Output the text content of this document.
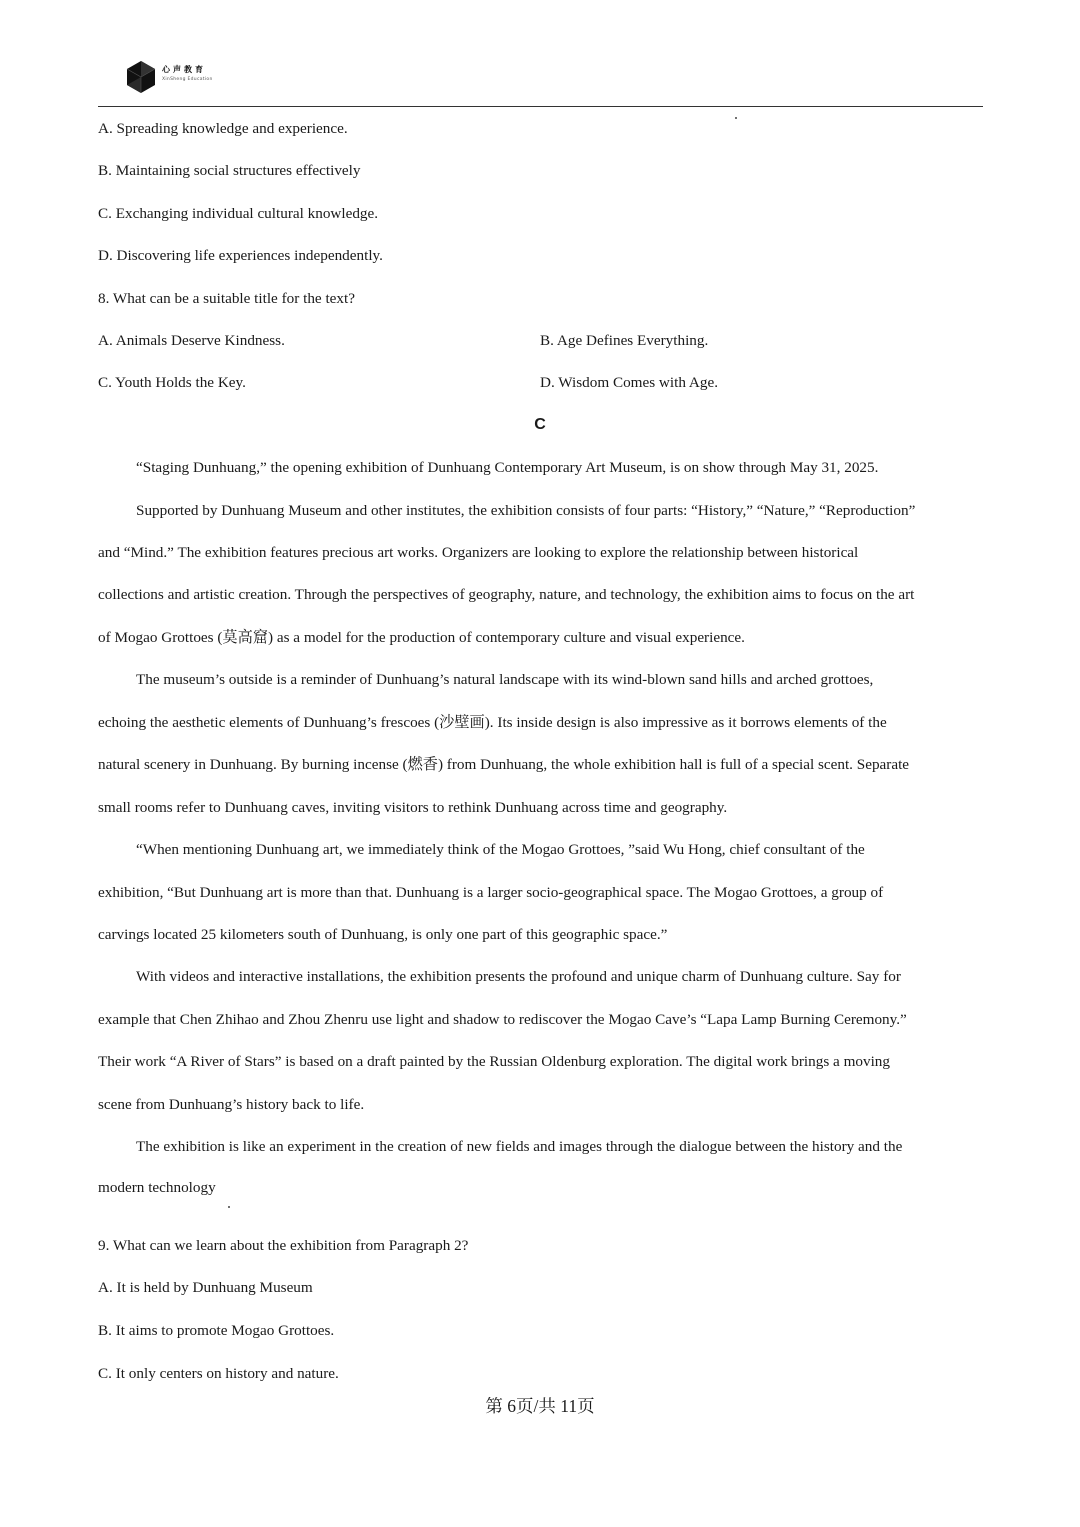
心声教育
XinSheng Education
A. Spreading knowledge and experience.
B. Maintaining social structures effectively
C. Exchanging individual cultural knowledge.
D. Discovering life experiences independently.
8. What can be a suitable title for the text?
A. Animals Deserve Kindness.	B. Age Defines Everything.
C. Youth Holds the Key.	D. Wisdom Comes with Age.
C
“Staging Dunhuang,” the opening exhibition of Dunhuang Contemporary Art Museum, is on show through May 31, 2025.
Supported by Dunhuang Museum and other institutes, the exhibition consists of four parts: “History,” “Nature,” “Reproduction”
and “Mind.” The exhibition features precious art works. Organizers are looking to explore the relationship between historical
collections and artistic creation. Through the perspectives of geography, nature, and technology, the exhibition aims to focus on the art
of Mogao Grottoes (莫高窟) as a model for the production of contemporary culture and visual experience.
The museum’s outside is a reminder of Dunhuang’s natural landscape with its wind-blown sand hills and arched grottoes,
echoing the aesthetic elements of Dunhuang’s frescoes (沙壁画). Its inside design is also impressive as it borrows elements of the
natural scenery in Dunhuang. By burning incense (燃香) from Dunhuang, the whole exhibition hall is full of a special scent. Separate
small rooms refer to Dunhuang caves, inviting visitors to rethink Dunhuang across time and geography.
“When mentioning Dunhuang art, we immediately think of the Mogao Grottoes, ”said Wu Hong, chief consultant of the
exhibition, “But Dunhuang art is more than that. Dunhuang is a larger socio-geographical space. The Mogao Grottoes, a group of
carvings located 25 kilometers south of Dunhuang, is only one part of this geographic space.”
With videos and interactive installations, the exhibition presents the profound and unique charm of Dunhuang culture. Say for
example that Chen Zhihao and Zhou Zhenru use light and shadow to rediscover the Mogao Cave’s “Lapa Lamp Burning Ceremony.”
Their work “A River of Stars” is based on a draft painted by the Russian Oldenburg exploration. The digital work brings a moving
scene from Dunhuang’s history back to life.
The exhibition is like an experiment in the creation of new fields and images through the dialogue between the history and the
modern technology
9. What can we learn about the exhibition from Paragraph 2?
A. It is held by Dunhuang Museum
B. It aims to promote Mogao Grottoes.
C. It only centers on history and nature.
第 6页/共 11页
